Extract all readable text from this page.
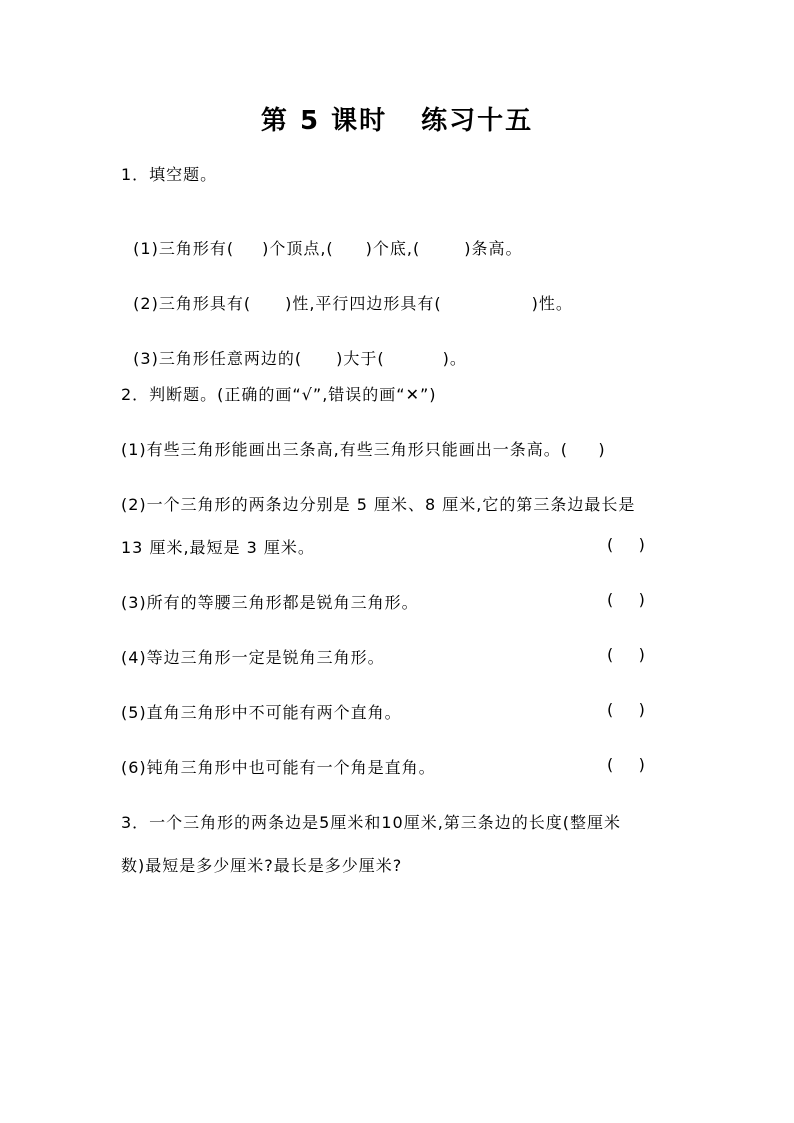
第 5 课时 练习十五
1．填空题。

(1)三角形有( )个顶点,( )个底,(	)条高。

(2)三角形具有( )性,平行四边形具有(	)性。

(3)三角形任意两边的( )大于(	)。

2．判断题。(正确的画“√”,错误的画“✕”)
(1)有些三角形能画出三条高,有些三角形只能画出一条高。(     )
(2)一个三角形的两条边分别是 5 厘米、8 厘米,它的第三条边最长是
13 厘米,最短是 3 厘米。	(     )
(3)所有的等腰三角形都是锐角三角形。	(     )
(4)等边三角形一定是锐角三角形。	(     )
(5)直角三角形中不可能有两个直角。	(     )
(6)钝角三角形中也可能有一个角是直角。	(     )
3．一个三角形的两条边是5厘米和10厘米,第三条边的长度(整厘米
数)最短是多少厘米?最长是多少厘米?
